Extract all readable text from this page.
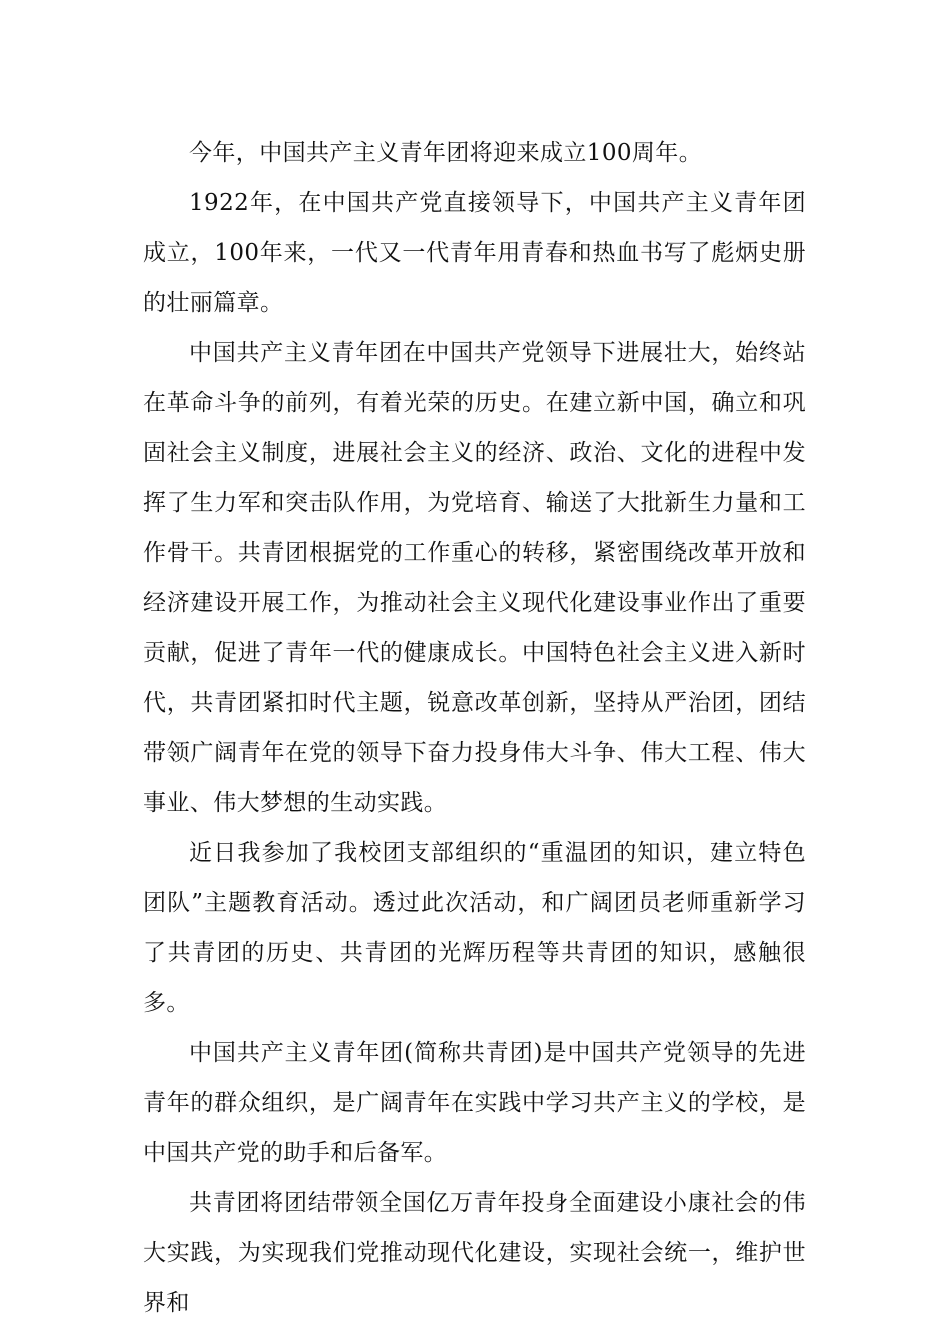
今年，中国共产主义青年团将迎来成立100周年。

1922年，在中国共产党直接领导下，中国共产主义青年团成立，100年来，一代又一代青年用青春和热血书写了彪炳史册的壮丽篇章。

中国共产主义青年团在中国共产党领导下进展壮大，始终站在革命斗争的前列，有着光荣的历史。在建立新中国，确立和巩固社会主义制度，进展社会主义的经济、政治、文化的进程中发挥了生力军和突击队作用，为党培育、输送了大批新生力量和工作骨干。共青团根据党的工作重心的转移，紧密围绕改革开放和经济建设开展工作，为推动社会主义现代化建设事业作出了重要贡献，促进了青年一代的健康成长。中国特色社会主义进入新时代，共青团紧扣时代主题，锐意改革创新，坚持从严治团，团结带领广阔青年在党的领导下奋力投身伟大斗争、伟大工程、伟大事业、伟大梦想的生动实践。

近日我参加了我校团支部组织的“重温团的知识，建立特色团队”主题教育活动。透过此次活动，和广阔团员老师重新学习了共青团的历史、共青团的光辉历程等共青团的知识，感触很多。

中国共产主义青年团(简称共青团)是中国共产党领导的先进青年的群众组织，是广阔青年在实践中学习共产主义的学校，是中国共产党的助手和后备军。

共青团将团结带领全国亿万青年投身全面建设小康社会的伟大实践，为实现我们党推动现代化建设，实现社会统一，维护世界和
